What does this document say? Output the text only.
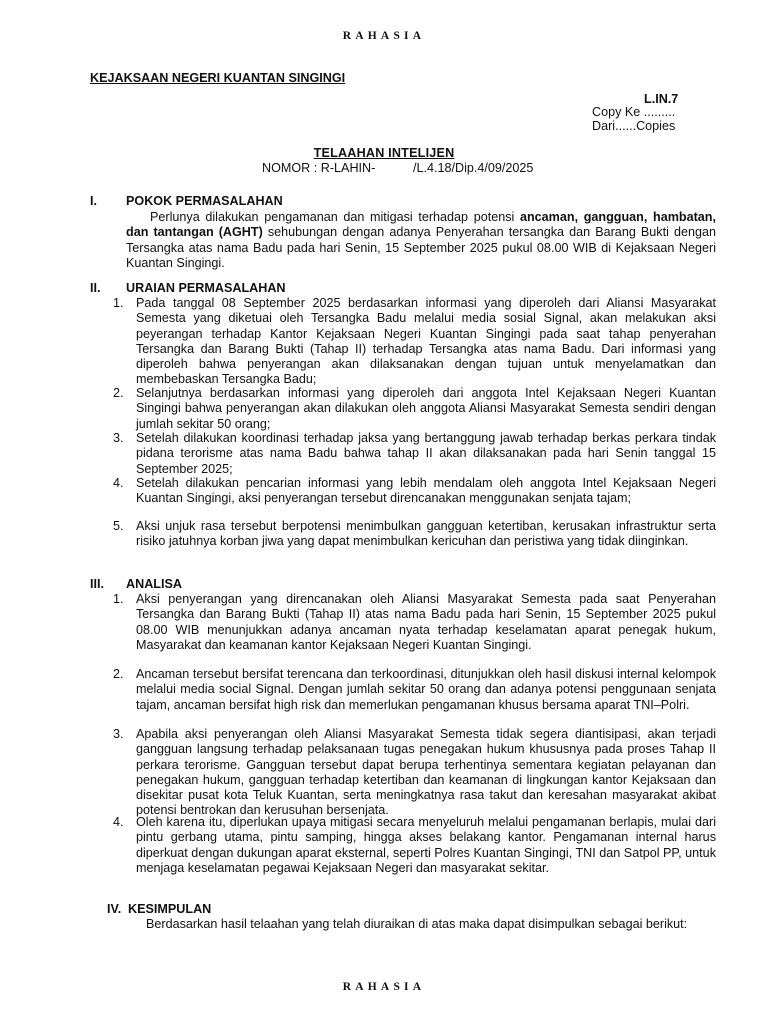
RAHASIA
KEJAKSAAN NEGERI KUANTAN SINGINGI
L.IN.7
Copy Ke .........
Dari......Copies
TELAAHAN INTELIJEN
NOMOR : R-LAHIN-	/L.4.18/Dip.4/09/2025
I. POKOK PERMASALAHAN
Perlunya dilakukan pengamanan dan mitigasi terhadap potensi ancaman, gangguan, hambatan, dan tantangan (AGHT) sehubungan dengan adanya Penyerahan tersangka dan Barang Bukti dengan Tersangka atas nama Badu pada hari Senin, 15 September 2025 pukul 08.00 WIB di Kejaksaan Negeri Kuantan Singingi.
II. URAIAN PERMASALAHAN
1. Pada tanggal 08 September 2025 berdasarkan informasi yang diperoleh dari Aliansi Masyarakat Semesta yang diketuai oleh Tersangka Badu melalui media sosial Signal, akan melakukan aksi peyerangan terhadap Kantor Kejaksaan Negeri Kuantan Singingi pada saat tahap penyerahan Tersangka dan Barang Bukti (Tahap II) terhadap Tersangka atas nama Badu. Dari informasi yang diperoleh bahwa penyerangan akan dilaksanakan dengan tujuan untuk menyelamatkan dan membebaskan Tersangka Badu;
2. Selanjutnya berdasarkan informasi yang diperoleh dari anggota Intel Kejaksaan Negeri Kuantan Singingi bahwa penyerangan akan dilakukan oleh anggota Aliansi Masyarakat Semesta sendiri dengan jumlah sekitar 50 orang;
3. Setelah dilakukan koordinasi terhadap jaksa yang bertanggung jawab terhadap berkas perkara tindak pidana terorisme atas nama Badu bahwa tahap II akan dilaksanakan pada hari Senin tanggal 15 September 2025;
4. Setelah dilakukan pencarian informasi yang lebih mendalam oleh anggota Intel Kejaksaan Negeri Kuantan Singingi, aksi penyerangan tersebut direncanakan menggunakan senjata tajam;
5. Aksi unjuk rasa tersebut berpotensi menimbulkan gangguan ketertiban, kerusakan infrastruktur serta risiko jatuhnya korban jiwa yang dapat menimbulkan kericuhan dan peristiwa yang tidak diinginkan.
III. ANALISA
1. Aksi penyerangan yang direncanakan oleh Aliansi Masyarakat Semesta pada saat Penyerahan Tersangka dan Barang Bukti (Tahap II) atas nama Badu pada hari Senin, 15 September 2025 pukul 08.00 WIB menunjukkan adanya ancaman nyata terhadap keselamatan aparat penegak hukum, Masyarakat dan keamanan kantor Kejaksaan Negeri Kuantan Singingi.
2. Ancaman tersebut bersifat terencana dan terkoordinasi, ditunjukkan oleh hasil diskusi internal kelompok melalui media social Signal. Dengan jumlah sekitar 50 orang dan adanya potensi penggunaan senjata tajam, ancaman bersifat high risk dan memerlukan pengamanan khusus bersama aparat TNI–Polri.
3. Apabila aksi penyerangan oleh Aliansi Masyarakat Semesta tidak segera diantisipasi, akan terjadi gangguan langsung terhadap pelaksanaan tugas penegakan hukum khususnya pada proses Tahap II perkara terorisme. Gangguan tersebut dapat berupa terhentinya sementara kegiatan pelayanan dan penegakan hukum, gangguan terhadap ketertiban dan keamanan di lingkungan kantor Kejaksaan dan disekitar pusat kota Teluk Kuantan, serta meningkatnya rasa takut dan keresahan masyarakat akibat potensi bentrokan dan kerusuhan bersenjata.
4. Oleh karena itu, diperlukan upaya mitigasi secara menyeluruh melalui pengamanan berlapis, mulai dari pintu gerbang utama, pintu samping, hingga akses belakang kantor. Pengamanan internal harus diperkuat dengan dukungan aparat eksternal, seperti Polres Kuantan Singingi, TNI dan Satpol PP, untuk menjaga keselamatan pegawai Kejaksaan Negeri dan masyarakat sekitar.
IV. KESIMPULAN
Berdasarkan hasil telaahan yang telah diuraikan di atas maka dapat disimpulkan sebagai berikut:
RAHASIA
